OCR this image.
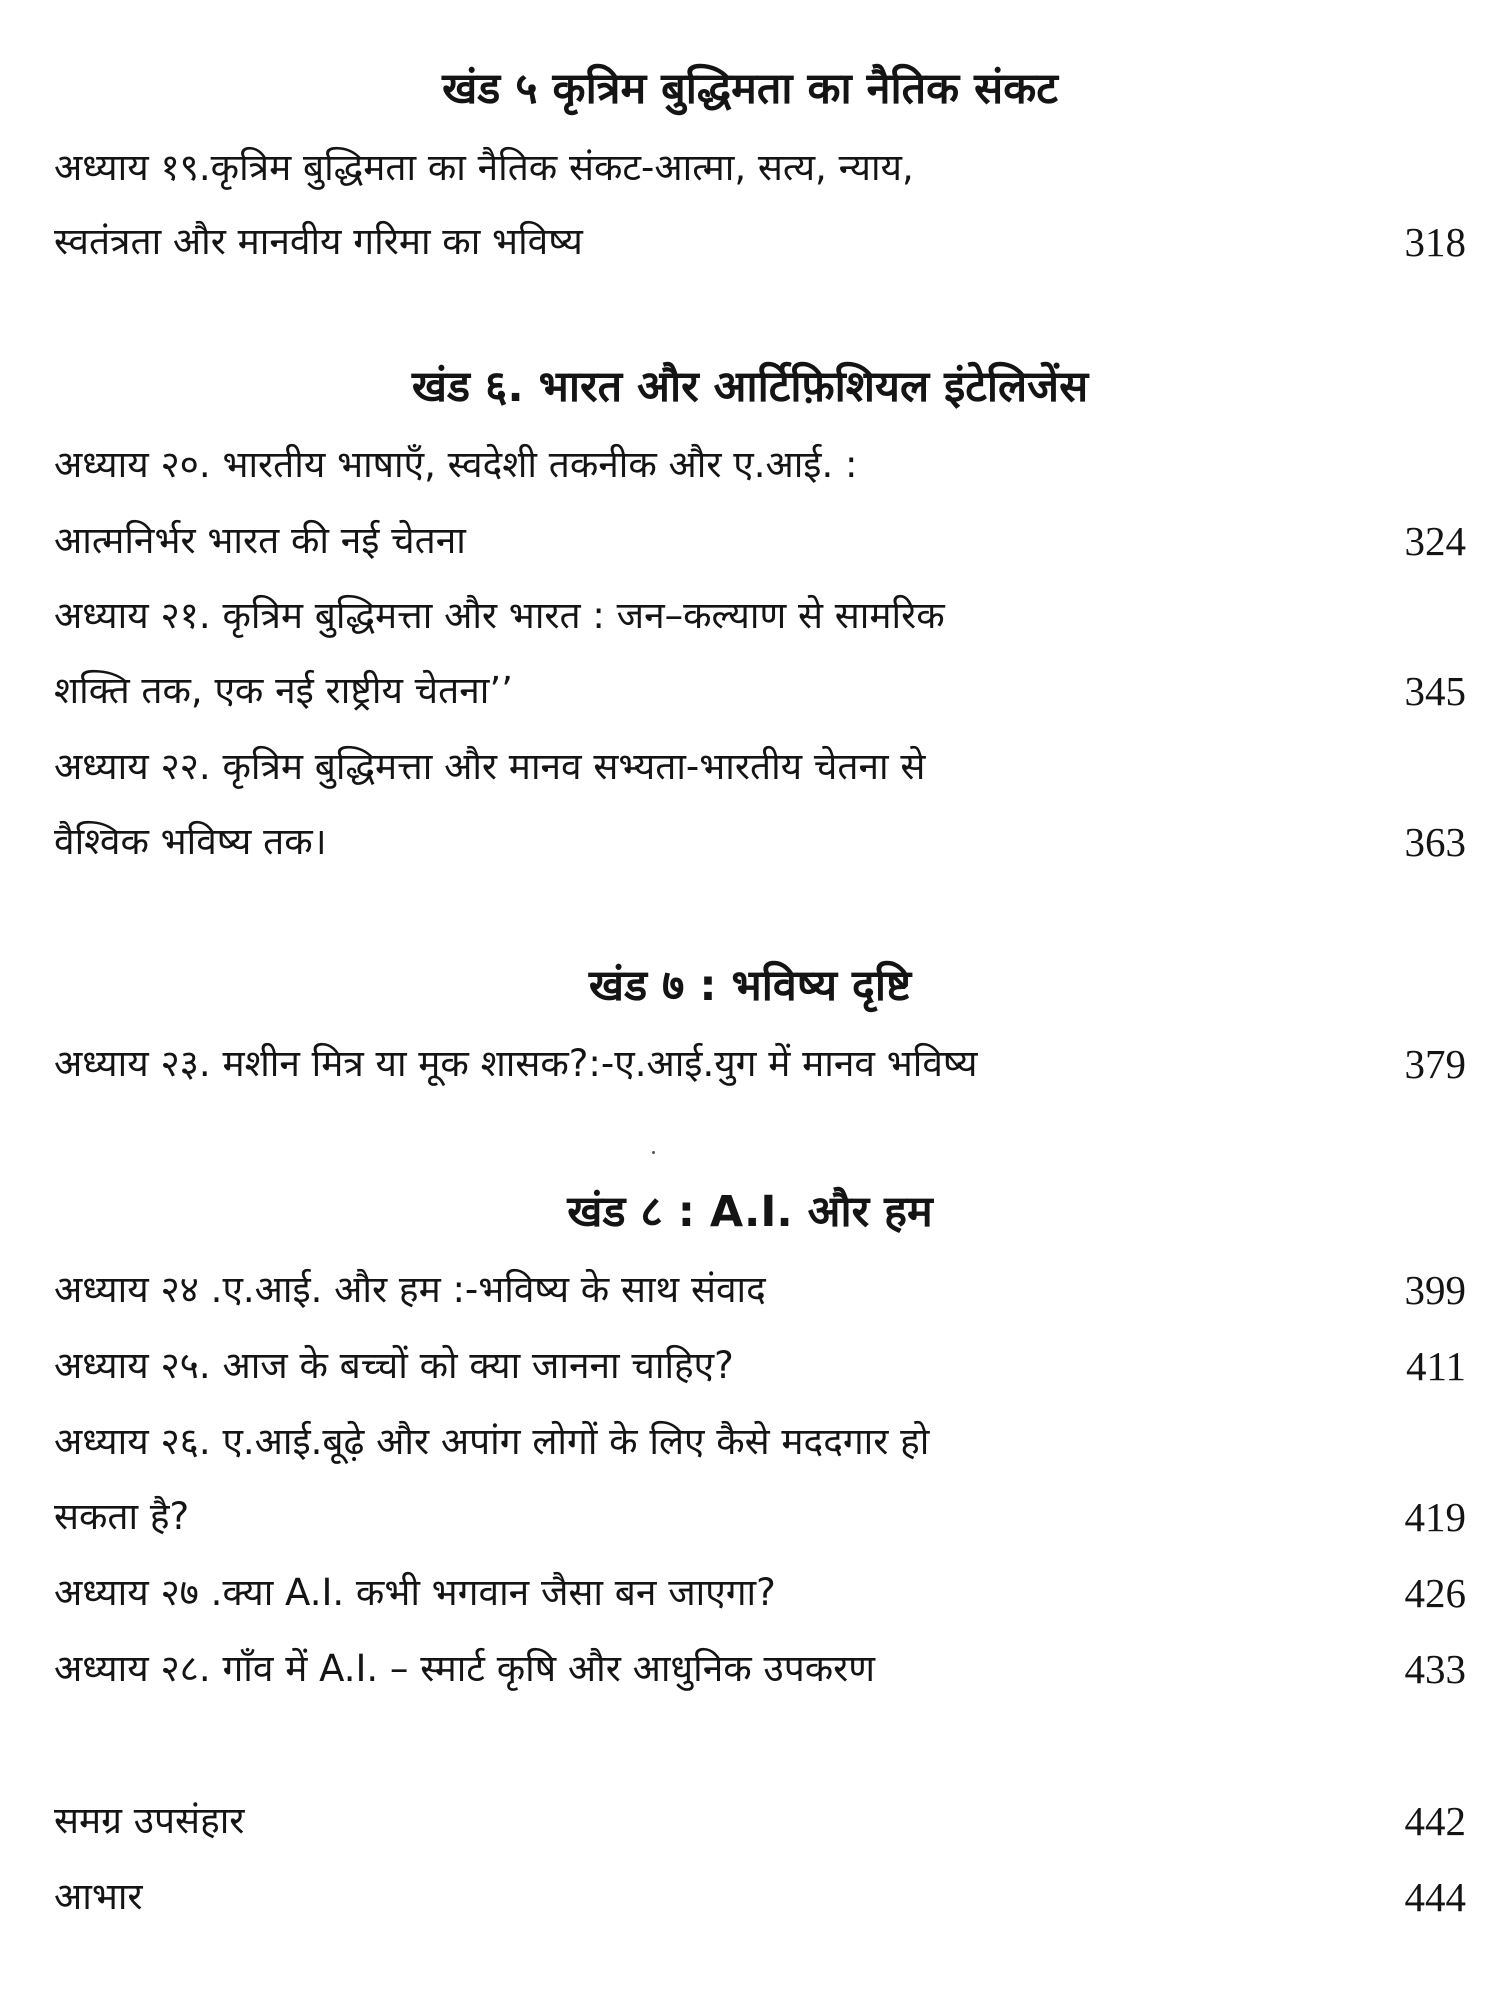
खंड ५ कृत्रिम बुद्धिमता का नैतिक संकट
अध्याय १९.कृत्रिम बुद्धिमता का नैतिक संकट-आत्मा, सत्य, न्याय,
स्वतंत्रता और मानवीय गरिमा का भविष्य	318
खंड ६. भारत और आर्टिफ़िशियल इंटेलिजेंस
अध्याय २०. भारतीय भाषाएँ, स्वदेशी तकनीक और ए.आई. :
आत्मनिर्भर भारत की नई चेतना	324
अध्याय २१. कृत्रिम बुद्धिमत्ता और भारत : जन–कल्याण से सामरिक
शक्ति तक, एक नई राष्ट्रीय चेतना’’	345
अध्याय २२. कृत्रिम बुद्धिमत्ता और मानव सभ्यता-भारतीय चेतना से
वैश्विक भविष्य तक।	363
खंड ७ : भविष्य दृष्टि
अध्याय २३. मशीन मित्र या मूक शासक?:-ए.आई.युग में मानव भविष्य	379
खंड ८ : A.I. और हम
अध्याय २४ .ए.आई. और हम :-भविष्य के साथ संवाद	399
अध्याय २५. आज के बच्चों को क्या जानना चाहिए?	411
अध्याय २६. ए.आई.बूढ़े और अपांग लोगों के लिए कैसे मददगार हो
सकता है?	419
अध्याय २७ .क्या A.I. कभी भगवान जैसा बन जाएगा?	426
अध्याय २८. गाँव में A.I. – स्मार्ट कृषि और आधुनिक उपकरण	433
समग्र उपसंहार	442
आभार	444
